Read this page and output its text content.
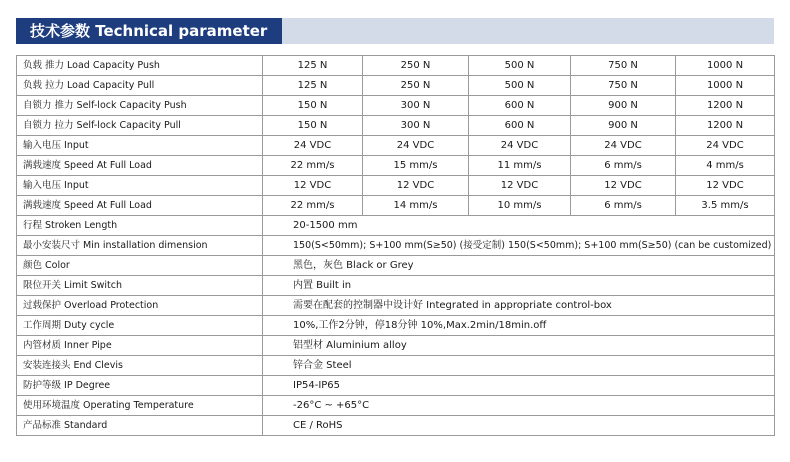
技术参数 Technical parameter
负载 推力 Load Capacity Push	125 N	250 N	500 N	750 N	1000 N
负载 拉力 Load Capacity Pull	125 N	250 N	500 N	750 N	1000 N
自锁力 推力 Self-lock Capacity Push	150 N	300 N	600 N	900 N	1200 N
自锁力 拉力 Self-lock Capacity Pull	150 N	300 N	600 N	900 N	1200 N
输入电压 Input	24 VDC	24 VDC	24 VDC	24 VDC	24 VDC
满载速度 Speed At Full Load	22 mm/s	15 mm/s	11 mm/s	6 mm/s	4 mm/s
输入电压 Input	12 VDC	12 VDC	12 VDC	12 VDC	12 VDC
满载速度 Speed At Full Load	22 mm/s	14 mm/s	10 mm/s	6 mm/s	3.5 mm/s
行程 Stroken Length	20-1500 mm				
最小安装尺寸 Min installation dimension	150(S<50mm); S+100 mm(S≥50) (接受定制) 150(S<50mm); S+100 mm(S≥50) (can be customized)				
颜色 Color	黑色，灰色 Black or Grey				
限位开关 Limit Switch	内置 Built in				
过载保护 Overload Protection	需要在配套的控制器中设计好 Integrated in appropriate control-box				
工作周期 Duty cycle	10%,工作2分钟，停18分钟 10%,Max.2min/18min.off				
内管材质 Inner Pipe	铝型材 Aluminium alloy				
安装连接头 End Clevis	锌合金 Steel				
防护等级 IP Degree	IP54-IP65				
使用环境温度 Operating Temperature	-26°C ~ +65°C				
产品标准 Standard	CE / RoHS				
